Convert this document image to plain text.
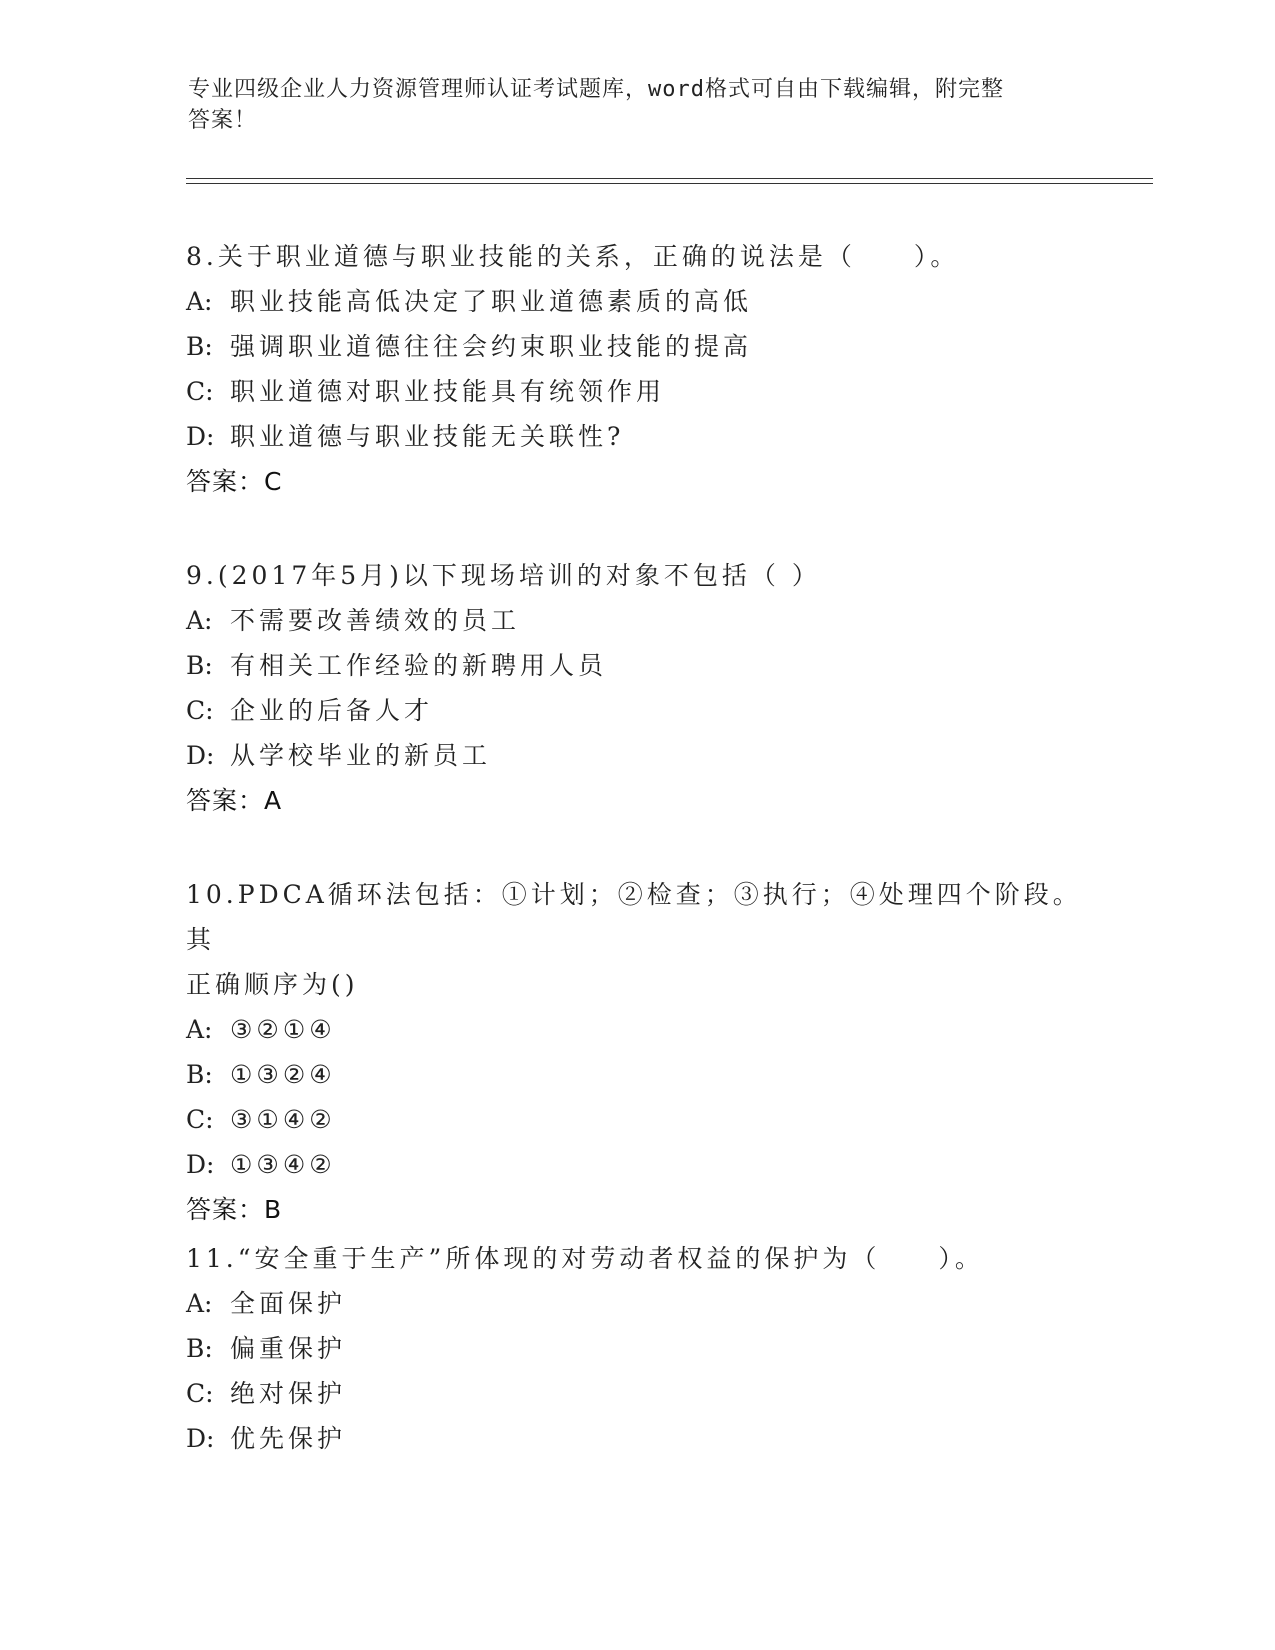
专业四级企业人力资源管理师认证考试题库，word格式可自由下载编辑，附完整
答案！

8.关于职业道德与职业技能的关系，正确的说法是（　　）。

A: 职业技能高低决定了职业道德素质的高低
B: 强调职业道德往往会约束职业技能的提高
C: 职业道德对职业技能具有统领作用
D: 职业道德与职业技能无关联性?
答案：C

9.(2017年5月)以下现场培训的对象不包括（ ）

A: 不需要改善绩效的员工
B: 有相关工作经验的新聘用人员
C: 企业的后备人才
D: 从学校毕业的新员工
答案：A

10.PDCA循环法包括：①计划；②检查；③执行；④处理四个阶段。其

正确顺序为()

A: ③②①④
B: ①③②④
C: ③①④②
D: ①③④②
答案：B

11.“安全重于生产”所体现的对劳动者权益的保护为（　　）。

A: 全面保护
B: 偏重保护
C: 绝对保护
D: 优先保护
